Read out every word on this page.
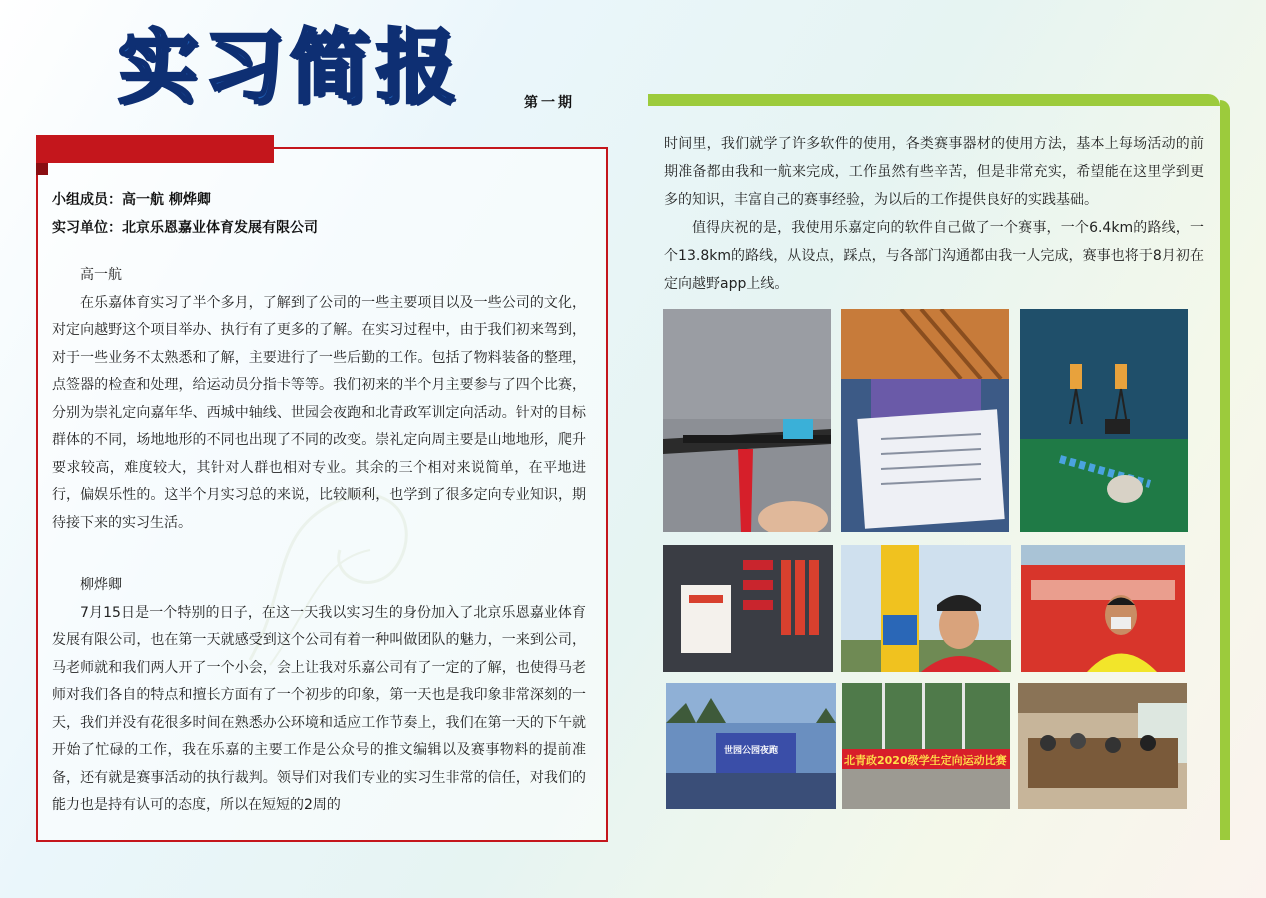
实习简报	第一期
小组成员：高一航 柳烨卿
实习单位：北京乐恩嘉业体育发展有限公司
高一航

在乐嘉体育实习了半个多月，了解到了公司的一些主要项目以及一些公司的文化，对定向越野这个项目举办、执行有了更多的了解。在实习过程中，由于我们初来驾到，对于一些业务不太熟悉和了解，主要进行了一些后勤的工作。包括了物料装备的整理，点签器的检查和处理，给运动员分指卡等等。我们初来的半个月主要参与了四个比赛，分别为崇礼定向嘉年华、西城中轴线、世园会夜跑和北青政军训定向活动。针对的目标群体的不同，场地地形的不同也出现了不同的改变。崇礼定向周主要是山地地形，爬升要求较高，难度较大，其针对人群也相对专业。其余的三个相对来说简单，在平地进行，偏娱乐性的。这半个月实习总的来说，比较顺利，也学到了很多定向专业知识，期待接下来的实习生活。

柳烨卿

7月15日是一个特别的日子，在这一天我以实习生的身份加入了北京乐恩嘉业体育发展有限公司，也在第一天就感受到这个公司有着一种叫做团队的魅力，一来到公司，马老师就和我们两人开了一个小会，会上让我对乐嘉公司有了一定的了解，也使得马老师对我们各自的特点和擅长方面有了一个初步的印象，第一天也是我印象非常深刻的一天，我们并没有花很多时间在熟悉办公环境和适应工作节奏上，我们在第一天的下午就开始了忙碌的工作，我在乐嘉的主要工作是公众号的推文编辑以及赛事物料的提前准备，还有就是赛事活动的执行裁判。领导们对我们专业的实习生非常的信任，对我们的能力也是持有认可的态度，所以在短短的2周的

时间里，我们就学了许多软件的使用，各类赛事器材的使用方法，基本上每场活动的前期准备都由我和一航来完成，工作虽然有些辛苦，但是非常充实，希望能在这里学到更多的知识，丰富自己的赛事经验，为以后的工作提供良好的实践基础。

值得庆祝的是，我使用乐嘉定向的软件自己做了一个赛事，一个6.4km的路线，一个13.8km的路线，从设点，踩点，与各部门沟通都由我一人完成，赛事也将于8月初在定向越野app上线。

世园公园夜跑
北青政2020级学生定向运动比赛
